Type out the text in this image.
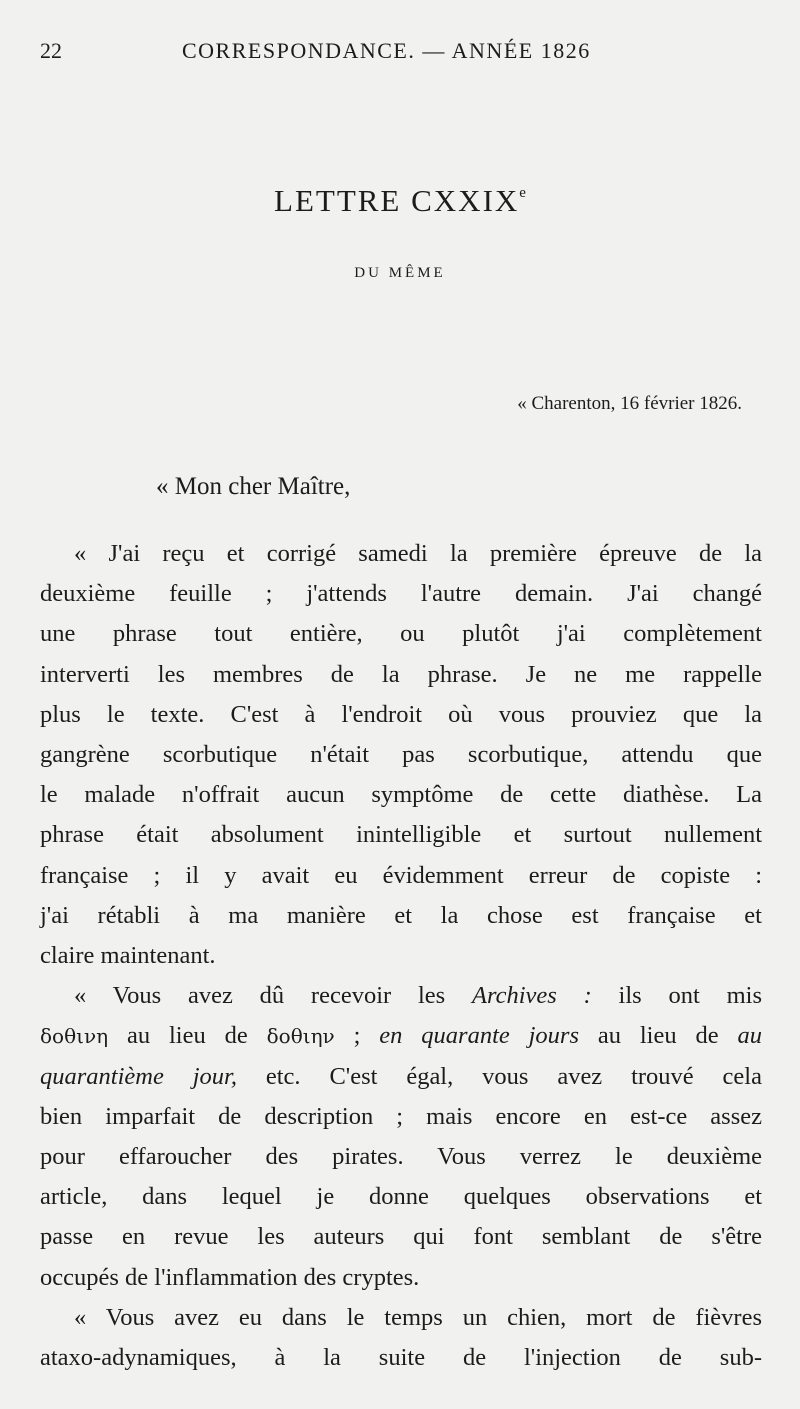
22	CORRESPONDANCE. — ANNÉE 1826
LETTRE CXXIXe
DU MÊME
« Charenton, 16 février 1826.
« Mon cher Maître,
« J'ai reçu et corrigé samedi la première épreuve de la
deuxième feuille ; j'attends l'autre demain. J'ai changé
une phrase tout entière, ou plutôt j'ai complètement
interverti les membres de la phrase. Je ne me rappelle
plus le texte. C'est à l'endroit où vous prouviez que la
gangrène scorbutique n'était pas scorbutique, attendu que
le malade n'offrait aucun symptôme de cette diathèse. La
phrase était absolument inintelligible et surtout nullement
française ; il y avait eu évidemment erreur de copiste :
j'ai rétabli à ma manière et la chose est française et
claire maintenant.
« Vous avez dû recevoir les Archives : ils ont mis
δοθινη au lieu de δοθιην ; en quarante jours au lieu de au
quarantième jour, etc. C'est égal, vous avez trouvé cela
bien imparfait de description ; mais encore en est-ce assez
pour effaroucher des pirates. Vous verrez le deuxième
article, dans lequel je donne quelques observations et
passe en revue les auteurs qui font semblant de s'être
occupés de l'inflammation des cryptes.
« Vous avez eu dans le temps un chien, mort de fièvres
ataxo-adynamiques, à la suite de l'injection de sub-
